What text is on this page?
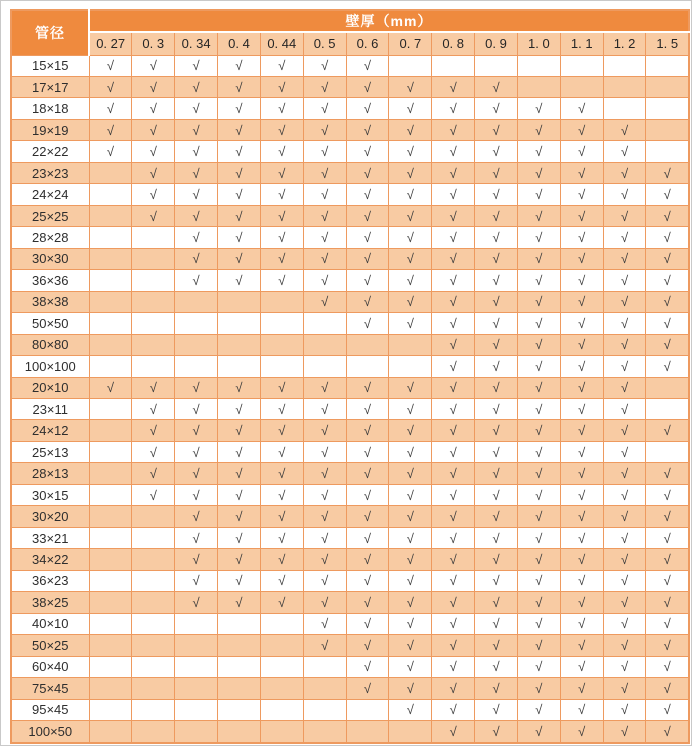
管径	壁厚（mm）													
	0. 27	0. 3	0. 34	0. 4	0. 44	0. 5	0. 6	0. 7	0. 8	0. 9	1. 0	1. 1	1. 2	1. 5
15×15	√	√	√	√	√	√	√							
17×17	√	√	√	√	√	√	√	√	√	√				
18×18	√	√	√	√	√	√	√	√	√	√	√	√		
19×19	√	√	√	√	√	√	√	√	√	√	√	√	√	
22×22	√	√	√	√	√	√	√	√	√	√	√	√	√	
23×23		√	√	√	√	√	√	√	√	√	√	√	√	√
24×24		√	√	√	√	√	√	√	√	√	√	√	√	√
25×25		√	√	√	√	√	√	√	√	√	√	√	√	√
28×28			√	√	√	√	√	√	√	√	√	√	√	√
30×30			√	√	√	√	√	√	√	√	√	√	√	√
36×36			√	√	√	√	√	√	√	√	√	√	√	√
38×38						√	√	√	√	√	√	√	√	√
50×50							√	√	√	√	√	√	√	√
80×80									√	√	√	√	√	√
100×100									√	√	√	√	√	√
20×10	√	√	√	√	√	√	√	√	√	√	√	√	√	
23×11		√	√	√	√	√	√	√	√	√	√	√	√	
24×12		√	√	√	√	√	√	√	√	√	√	√	√	√
25×13		√	√	√	√	√	√	√	√	√	√	√	√	
28×13		√	√	√	√	√	√	√	√	√	√	√	√	√
30×15		√	√	√	√	√	√	√	√	√	√	√	√	√
30×20			√	√	√	√	√	√	√	√	√	√	√	√
33×21			√	√	√	√	√	√	√	√	√	√	√	√
34×22			√	√	√	√	√	√	√	√	√	√	√	√
36×23			√	√	√	√	√	√	√	√	√	√	√	√
38×25			√	√	√	√	√	√	√	√	√	√	√	√
40×10						√	√	√	√	√	√	√	√	√
50×25						√	√	√	√	√	√	√	√	√
60×40							√	√	√	√	√	√	√	√
75×45							√	√	√	√	√	√	√	√
95×45								√	√	√	√	√	√	√
100×50									√	√	√	√	√	√
